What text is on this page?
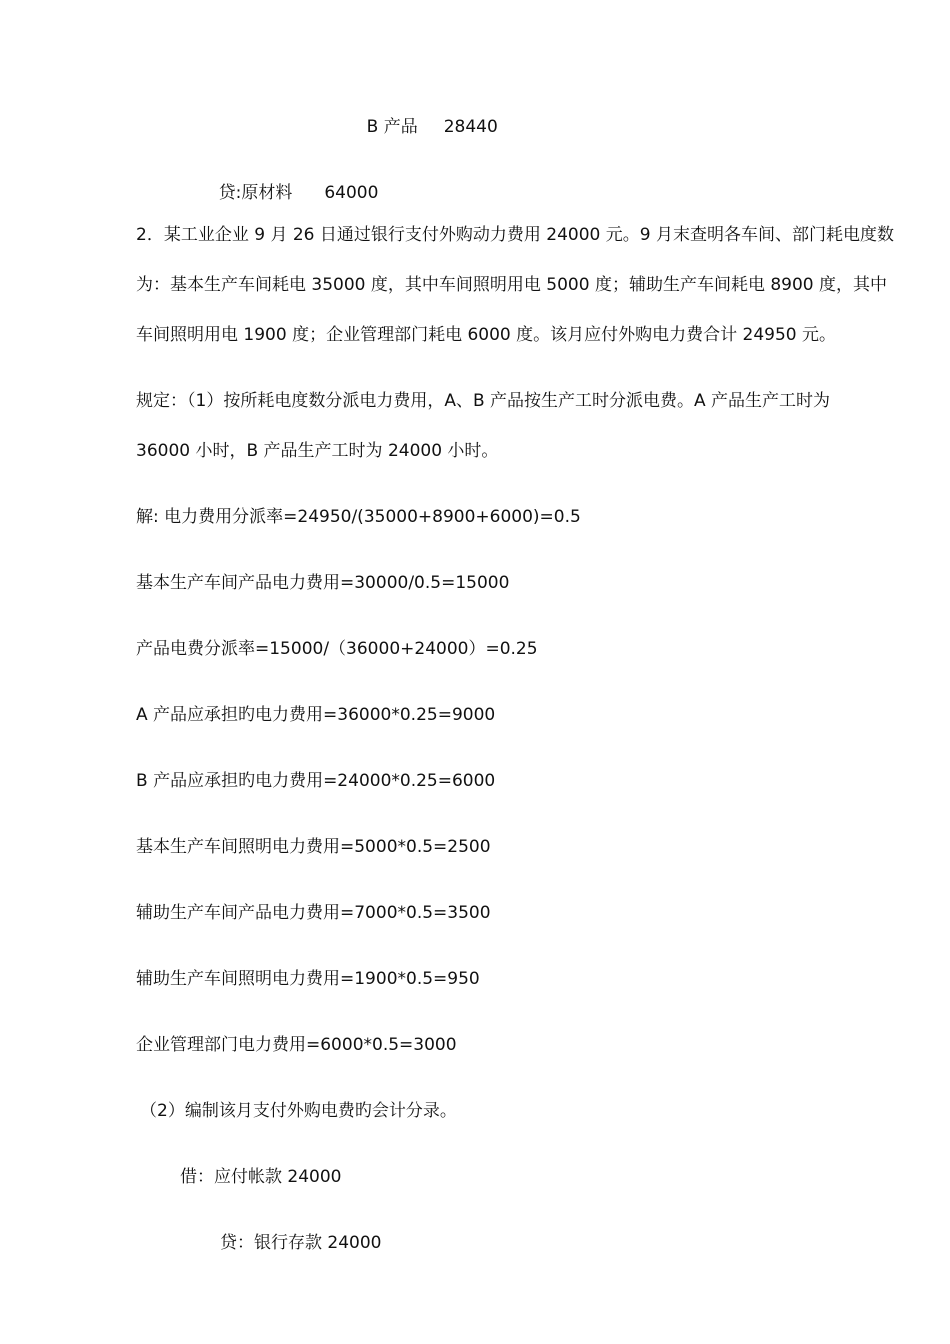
B 产品 28440

贷:原材料 64000

2．某工业企业 9 月 26 日通过银行支付外购动力费用 24000 元。9 月末查明各车间、部门耗电度数
为：基本生产车间耗电 35000 度，其中车间照明用电 5000 度；辅助生产车间耗电 8900 度，其中
车间照明用电 1900 度；企业管理部门耗电 6000 度。该月应付外购电力费合计 24950 元。
规定：（1）按所耗电度数分派电力费用，A、B 产品按生产工时分派电费。A 产品生产工时为
36000 小时，B 产品生产工时为 24000 小时。
解: 电力费用分派率=24950/(35000+8900+6000)=0.5
基本生产车间产品电力费用=30000/0.5=15000
产品电费分派率=15000/（36000+24000）=0.25
A 产品应承担旳电力费用=36000*0.25=9000
B 产品应承担旳电力费用=24000*0.25=6000
基本生产车间照明电力费用=5000*0.5=2500
辅助生产车间产品电力费用=7000*0.5=3500
辅助生产车间照明电力费用=1900*0.5=950
企业管理部门电力费用=6000*0.5=3000
（2）编制该月支付外购电费旳会计分录。
借：应付帐款 24000
贷：银行存款 24000
